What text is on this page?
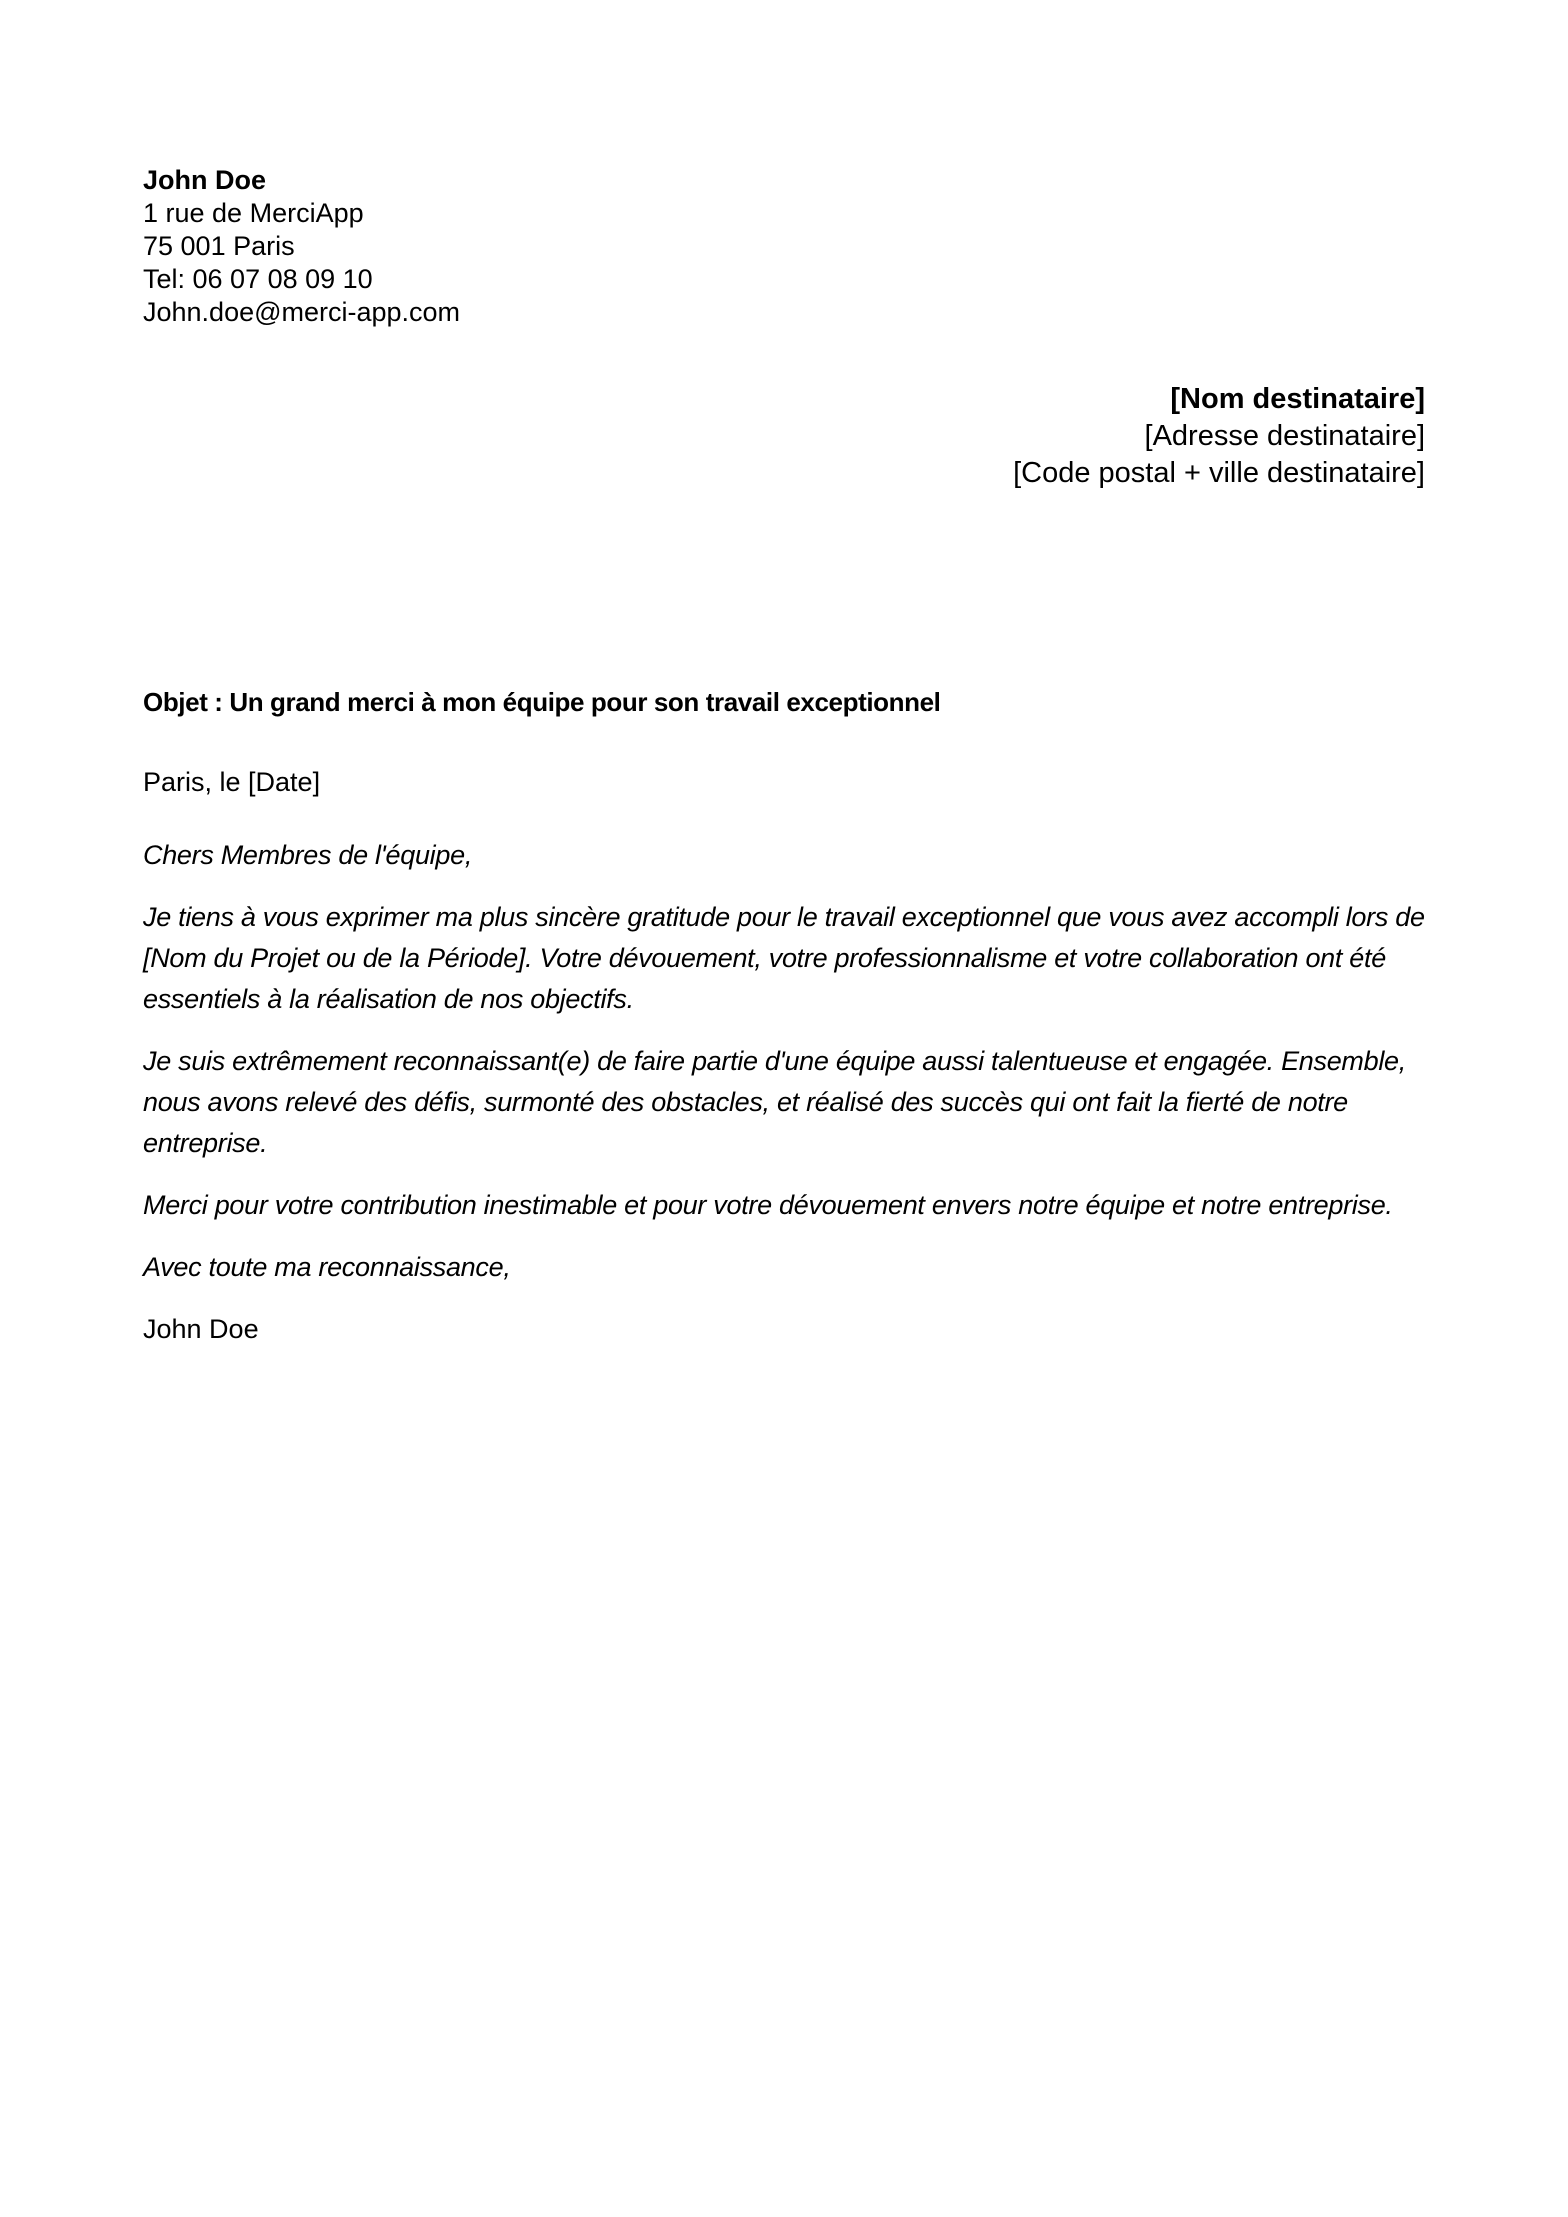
John Doe

1 rue de MerciApp

75 001 Paris

Tel: 06 07 08 09 10

John.doe@merci-app.com

[Nom destinataire]

[Adresse destinataire]

[Code postal + ville destinataire]

Objet : Un grand merci à mon équipe pour son travail exceptionnel

Paris, le [Date]

Chers Membres de l'équipe,

Je tiens à vous exprimer ma plus sincère gratitude pour le travail exceptionnel que vous avez accompli lors de [Nom du Projet ou de la Période]. Votre dévouement, votre professionnalisme et votre collaboration ont été essentiels à la réalisation de nos objectifs.

Je suis extrêmement reconnaissant(e) de faire partie d'une équipe aussi talentueuse et engagée. Ensemble, nous avons relevé des défis, surmonté des obstacles, et réalisé des succès qui ont fait la fierté de notre entreprise.

Merci pour votre contribution inestimable et pour votre dévouement envers notre équipe et notre entreprise.

Avec toute ma reconnaissance,

John Doe
